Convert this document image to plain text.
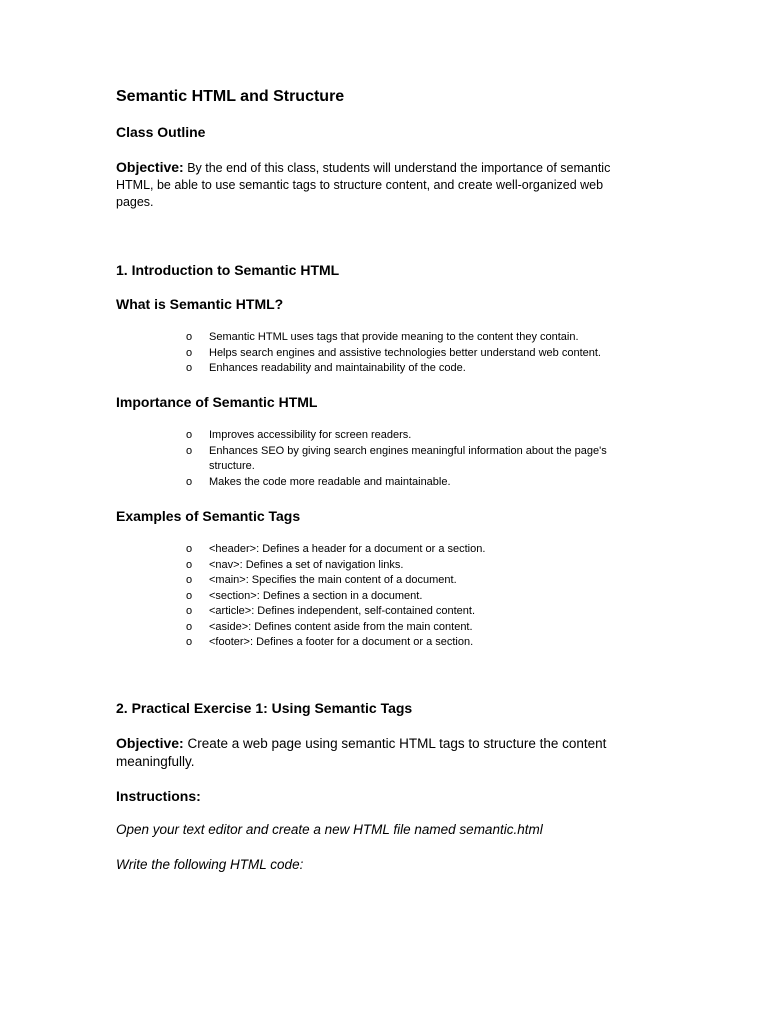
Semantic HTML and Structure
Class Outline
Objective: By the end of this class, students will understand the importance of semantic HTML, be able to use semantic tags to structure content, and create well-organized web pages.
1. Introduction to Semantic HTML
What is Semantic HTML?
o Semantic HTML uses tags that provide meaning to the content they contain.
o Helps search engines and assistive technologies better understand web content.
o Enhances readability and maintainability of the code.
Importance of Semantic HTML
o Improves accessibility for screen readers.
o Enhances SEO by giving search engines meaningful information about the page's structure.
o Makes the code more readable and maintainable.
Examples of Semantic Tags
o <header>: Defines a header for a document or a section.
o <nav>: Defines a set of navigation links.
o <main>: Specifies the main content of a document.
o <section>: Defines a section in a document.
o <article>: Defines independent, self-contained content.
o <aside>: Defines content aside from the main content.
o <footer>: Defines a footer for a document or a section.
2. Practical Exercise 1: Using Semantic Tags
Objective: Create a web page using semantic HTML tags to structure the content meaningfully.
Instructions:
Open your text editor and create a new HTML file named semantic.html
Write the following HTML code:
